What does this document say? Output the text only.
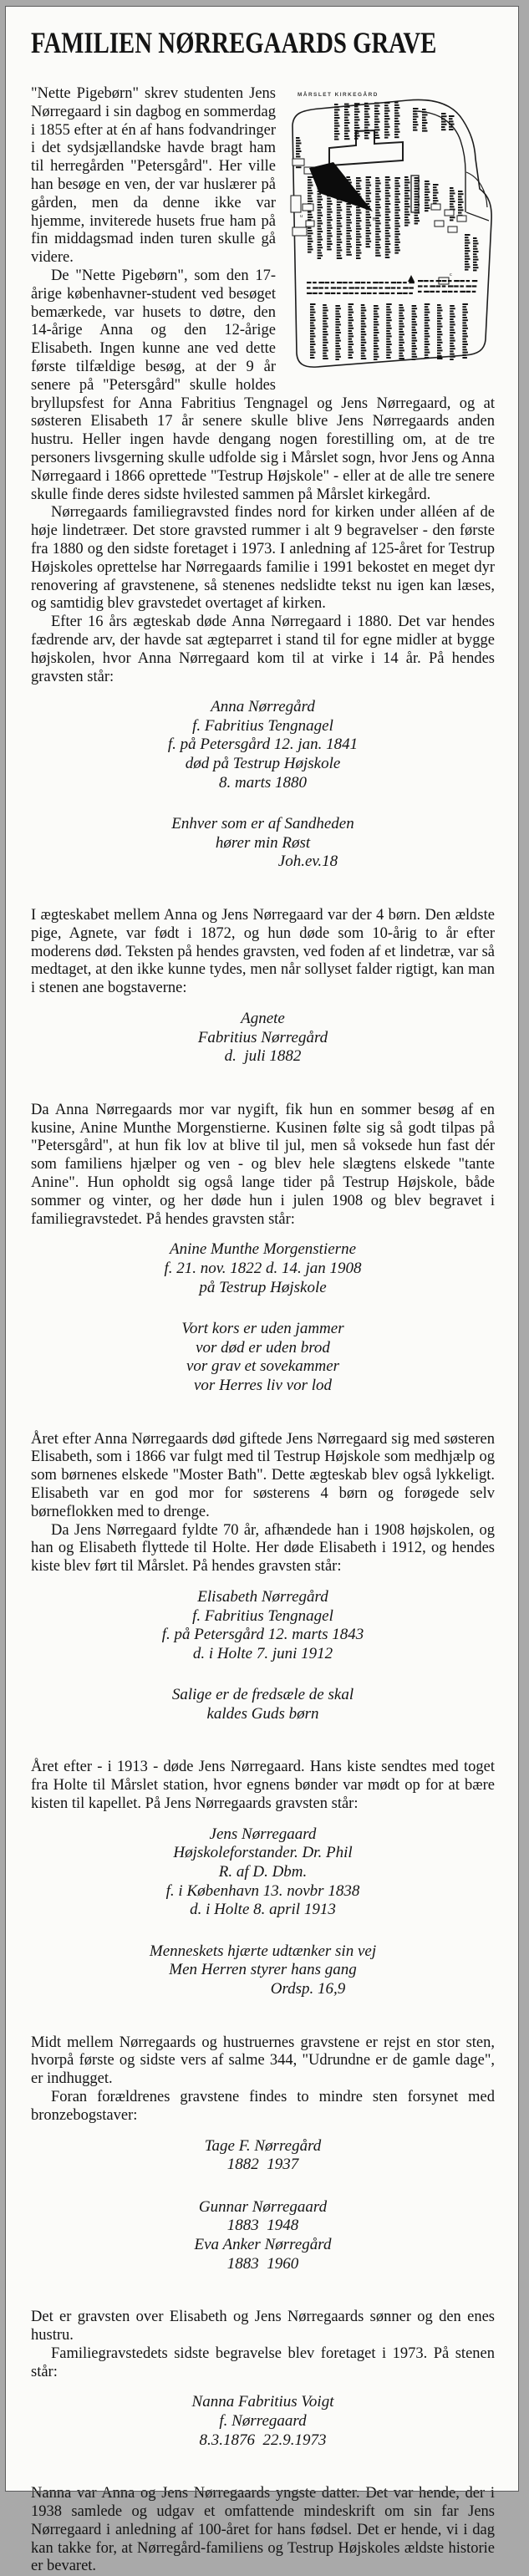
FAMILIEN NØRREGAARDS GRAVE
MÅRSLET KIRKEGÅRD
u
B
c

"Nette Pigebørn" skrev studenten Jens Nørregaard i sin dagbog en sommerdag i 1855 efter at én af hans fodvandringer i det sydsjællandske havde bragt ham til herregården "Petersgård". Her ville han besøge en ven, der var huslærer på gården, men da denne ikke var hjemme, inviterede husets frue ham på fin middagsmad inden turen skulle gå videre.

De "Nette Pigebørn", som den 17-årige københavner-student ved besøget bemærkede, var husets to døtre, den 14-årige Anna og den 12-årige Elisabeth. Ingen kunne ane ved dette første tilfældige besøg, at der 9 år senere på "Petersgård" skulle holdes bryllupsfest for Anna Fabritius Tengnagel og Jens Nørregaard, og at søsteren Elisabeth 17 år senere skulle blive Jens Nørregaards anden hustru. Heller ingen havde dengang nogen forestilling om, at de tre personers livsgerning skulle udfolde sig i Mårslet sogn, hvor Jens og Anna Nørregaard i 1866 oprettede "Testrup Højskole" - eller at de alle tre senere skulle finde deres sidste hvilested sammen på Mårslet kirkegård.

Nørregaards familiegravsted findes nord for kirken under alléen af de høje lindetræer. Det store gravsted rummer i alt 9 begravelser - den første fra 1880 og den sidste foretaget i 1973. I anledning af 125-året for Testrup Højskoles oprettelse har Nørregaards familie i 1991 bekostet en meget dyr renovering af gravstenene, så stenenes nedslidte tekst nu igen kan læses, og samtidig blev gravstedet overtaget af kirken.

Efter 16 års ægteskab døde Anna Nørregaard i 1880. Det var hendes fædrende arv, der havde sat ægteparret i stand til for egne midler at bygge højskolen, hvor Anna Nørregaard kom til at virke i 14 år. På hendes gravsten står:

Anna Nørregård
f. Fabritius Tengnagel
f. på Petersgård 12. jan. 1841
død på Testrup Højskole
8. marts 1880
Enhver som er af Sandheden
hører min Røst
Joh.ev.18

I ægteskabet mellem Anna og Jens Nørregaard var der 4 børn. Den ældste pige, Agnete, var født i 1872, og hun døde som 10-årig to år efter moderens død. Teksten på hendes gravsten, ved foden af et lindetræ, var så medtaget, at den ikke kunne tydes, men når sollyset falder rigtigt, kan man i stenen ane bogstaverne:

Agnete
Fabritius Nørregård
d.  juli 1882

Da Anna Nørregaards mor var nygift, fik hun en sommer besøg af en kusine, Anine Munthe Morgenstierne. Kusinen følte sig så godt tilpas på "Petersgård", at hun fik lov at blive til jul, men så voksede hun fast dér som familiens hjælper og ven - og blev hele slægtens elskede "tante Anine". Hun opholdt sig også lange tider på Testrup Højskole, både sommer og vinter, og her døde hun i julen 1908 og blev begravet i familiegravstedet. På hendes gravsten står:

Anine Munthe Morgenstierne
f. 21. nov. 1822 d. 14. jan 1908
på Testrup Højskole
Vort kors er uden jammer
vor død er uden brod
vor grav et sovekammer
vor Herres liv vor lod

Året efter Anna Nørregaards død giftede Jens Nørregaard sig med søsteren Elisabeth, som i 1866 var fulgt med til Testrup Højskole som medhjælp og som børnenes elskede "Moster Bath". Dette ægteskab blev også lykkeligt. Elisabeth var en god mor for søsterens 4 børn og forøgede selv børneflokken med to drenge.

Da Jens Nørregaard fyldte 70 år, afhændede han i 1908 højskolen, og han og Elisabeth flyttede til Holte. Her døde Elisabeth i 1912, og hendes kiste blev ført til Mårslet. På hendes gravsten står:

Elisabeth Nørregård
f. Fabritius Tengnagel
f. på Petersgård 12. marts 1843
d. i Holte 7. juni 1912
Salige er de fredsæle de skal
kaldes Guds børn

Året efter - i 1913 - døde Jens Nørregaard. Hans kiste sendtes med toget fra Holte til Mårslet station, hvor egnens bønder var mødt op for at bære kisten til kapellet. På Jens Nørregaards gravsten står:

Jens Nørregaard
Højskoleforstander. Dr. Phil
R. af D. Dbm.
f. i København 13. novbr 1838
d. i Holte 8. april 1913
Menneskets hjærte udtænker sin vej
Men Herren styrer hans gang
Ordsp. 16,9

Midt mellem Nørregaards og hustruernes gravstene er rejst en stor sten, hvorpå første og sidste vers af salme 344, "Udrundne er de gamle dage", er indhugget.

Foran forældrenes gravstene findes to mindre sten forsynet med bronzebogstaver:

Tage F. Nørregård
1882  1937
Gunnar Nørregaard
1883  1948
Eva Anker Nørregård
1883  1960

Det er gravsten over Elisabeth og Jens Nørregaards sønner og den enes hustru.

Familiegravstedets sidste begravelse blev foretaget i 1973. På stenen står:

Nanna Fabritius Voigt
f. Nørregaard
8.3.1876  22.9.1973

Nanna var Anna og Jens Nørregaards yngste datter. Det var hende, der i 1938 samlede og udgav et omfattende mindeskrift om sin far Jens Nørregaard i anledning af 100-året for hans fødsel. Det er hende, vi i dag kan takke for, at Nørregård-familiens og Testrup Højskoles ældste historie er bevaret.
